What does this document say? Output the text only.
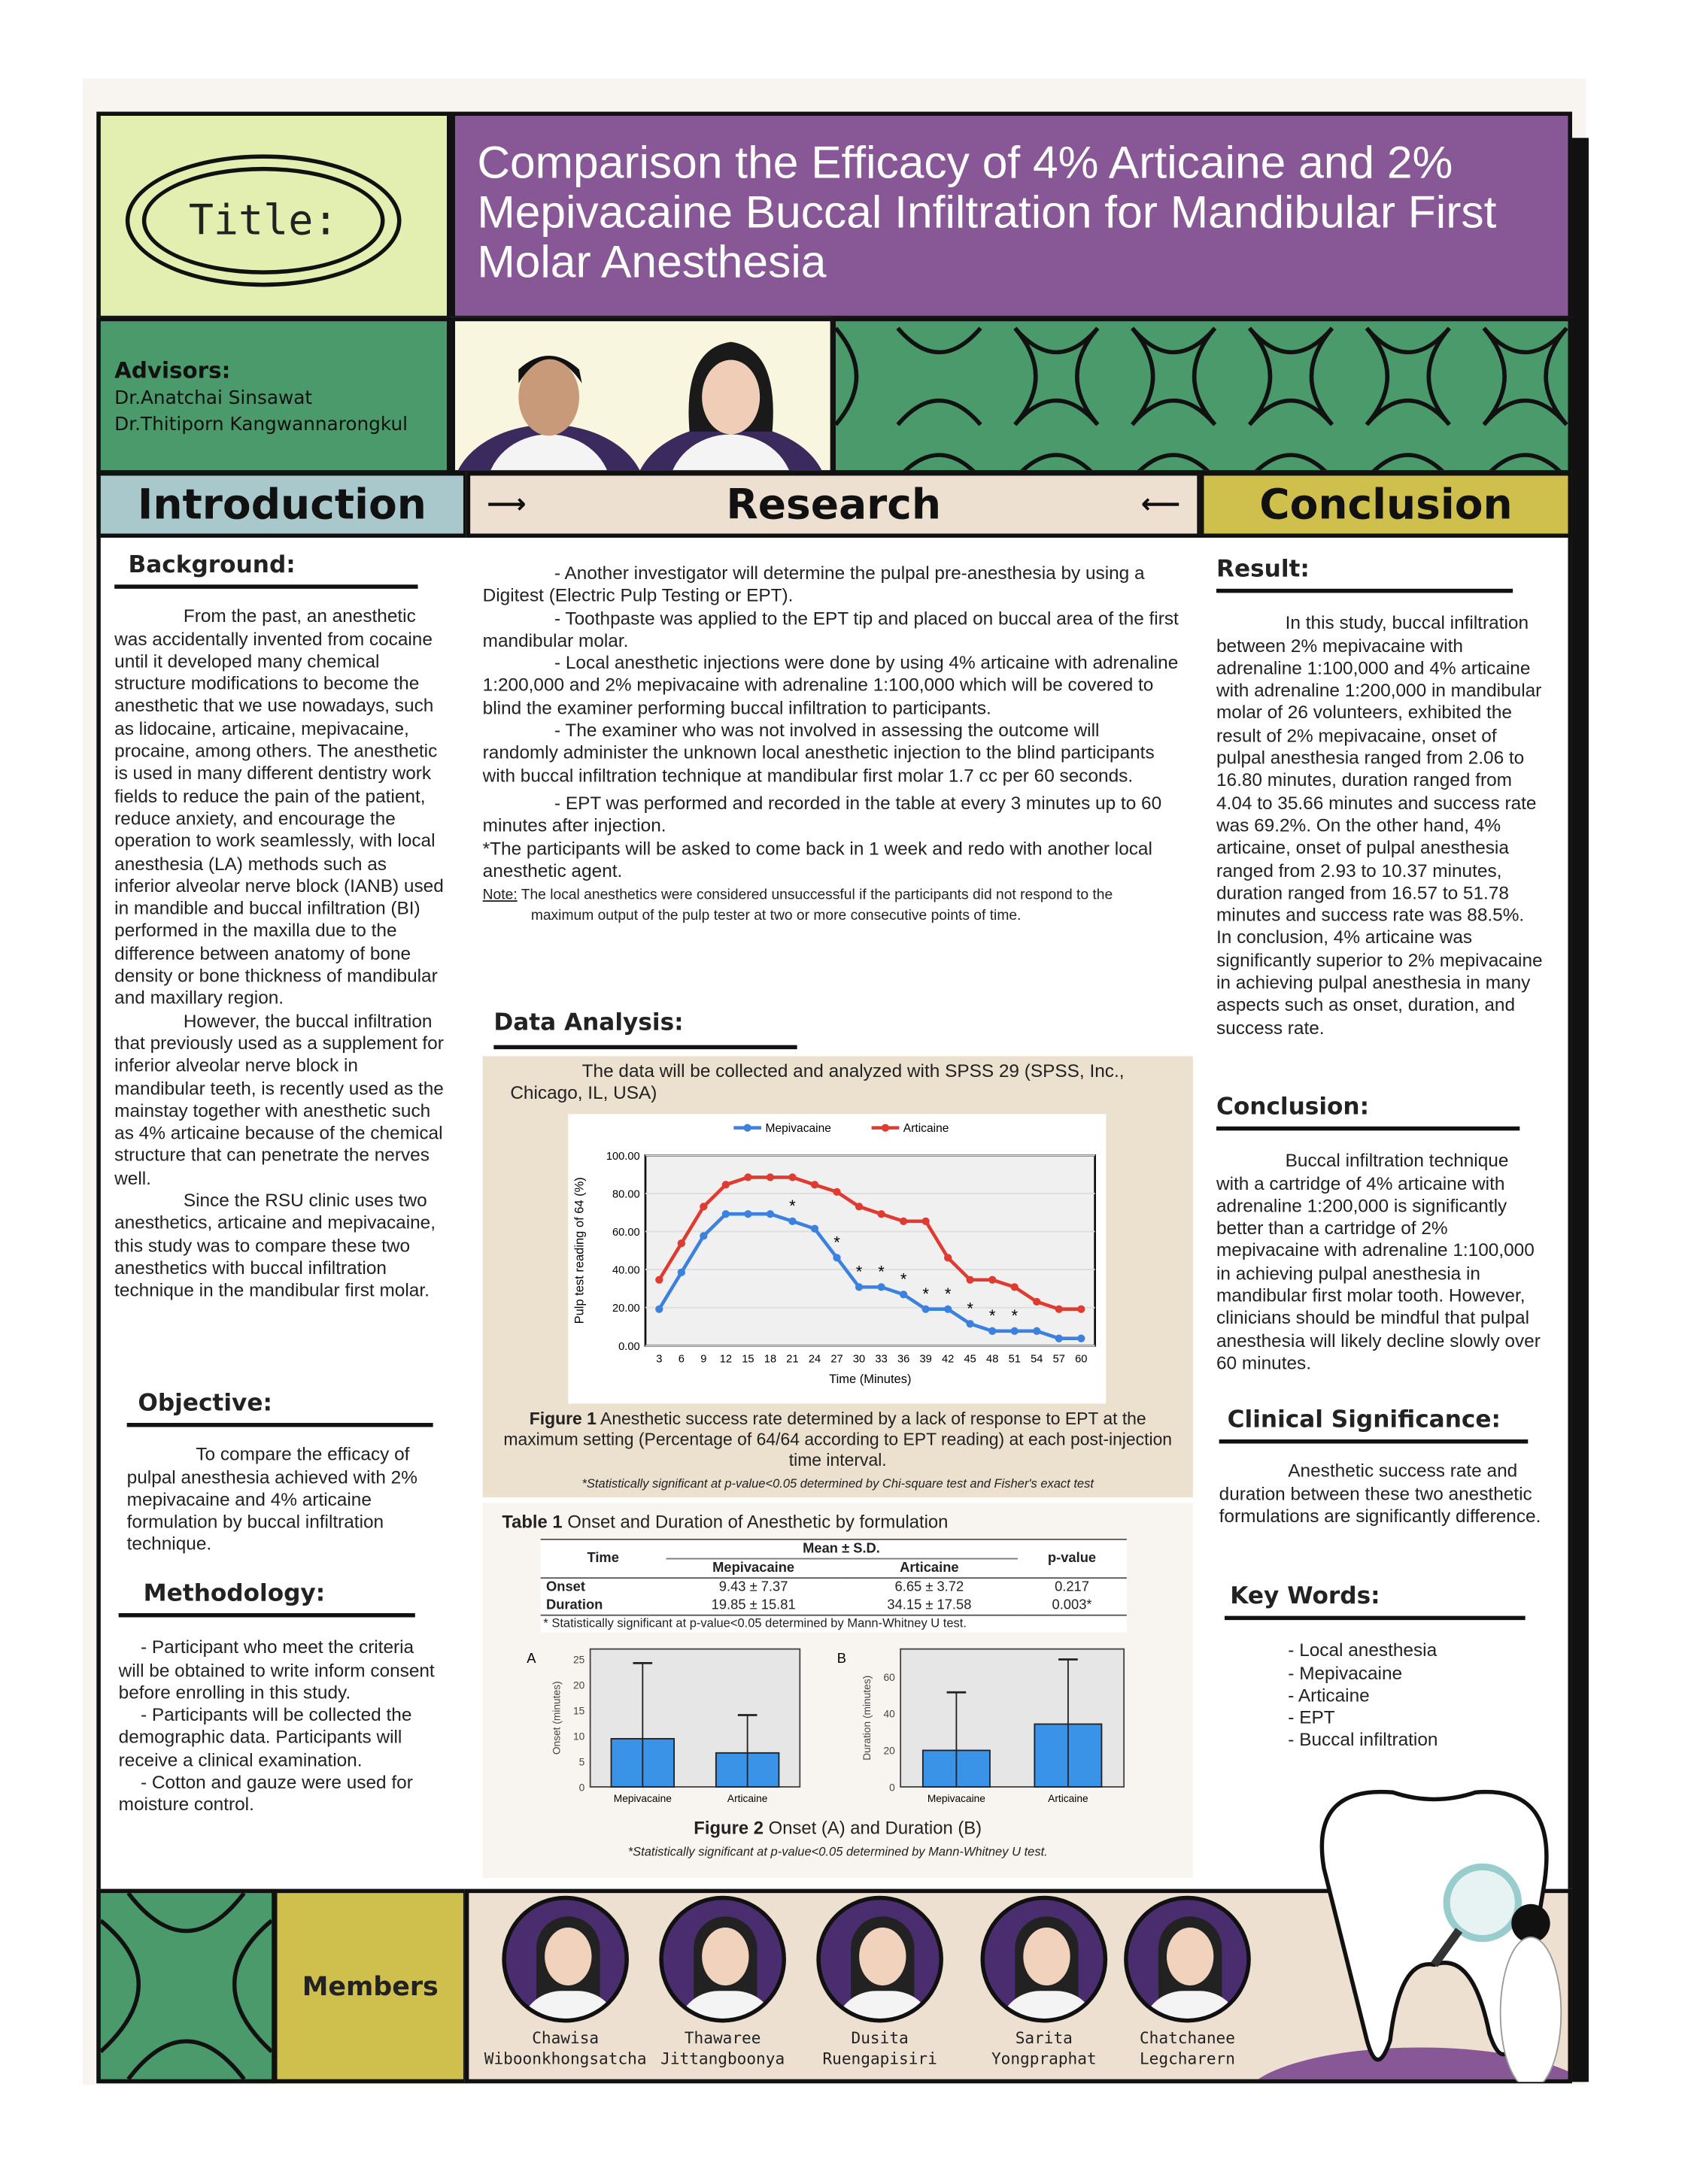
Title:
Comparison the Efficacy of 4% Articaine and 2% Mepivacaine Buccal Infiltration for Mandibular First Molar Anesthesia
Advisors:
Dr.Anatchai Sinsawat
Dr.Thitiporn Kangwannarongkul
Introduction	⟶	Research	⟵	Conclusion
Background:

From the past, an anesthetic was accidentally invented from cocaine until it developed many chemical structure modifications to become the anesthetic that we use nowadays, such as lidocaine, articaine, mepivacaine, procaine, among others. The anesthetic is used in many different dentistry work fields to reduce the pain of the patient, reduce anxiety, and encourage the operation to work seamlessly, with local anesthesia (LA) methods such as inferior alveolar nerve block (IANB) used in mandible and buccal infiltration (BI) performed in the maxilla due to the difference between anatomy of bone density or bone thickness of mandibular and maxillary region.

However, the buccal infiltration that previously used as a supplement for inferior alveolar nerve block in mandibular teeth, is recently used as the mainstay together with anesthetic such as 4% articaine because of the chemical structure that can penetrate the nerves well.

Since the RSU clinic uses two anesthetics, articaine and mepivacaine, this study was to compare these two anesthetics with buccal infiltration technique in the mandibular first molar.

Objective:

To compare the efficacy of pulpal anesthesia achieved with 2% mepivacaine and 4% articaine formulation by buccal infiltration technique.

Methodology:

- Participant who meet the criteria will be obtained to write inform consent before enrolling in this study.

- Participants will be collected the demographic data. Participants will receive a clinical examination.

- Cotton and gauze were used for moisture control.

- Another investigator will determine the pulpal pre-anesthesia by using a Digitest (Electric Pulp Testing or EPT).

- Toothpaste was applied to the EPT tip and placed on buccal area of the first mandibular molar.

- Local anesthetic injections were done by using 4% articaine with adrenaline 1:200,000 and 2% mepivacaine with adrenaline 1:100,000 which will be covered to blind the examiner performing buccal infiltration to participants.

- The examiner who was not involved in assessing the outcome will randomly administer the unknown local anesthetic injection to the blind participants with buccal infiltration technique at mandibular first molar 1.7 cc per 60 seconds.

- EPT was performed and recorded in the table at every 3 minutes up to 60 minutes after injection.

*The participants will be asked to come back in 1 week and redo with another local anesthetic agent.

Note: The local anesthetics were considered unsuccessful if the participants did not respond to the maximum output of the pulp tester at two or more consecutive points of time.

Data Analysis:

The data will be collected and analyzed with SPSS 29 (SPSS, Inc., Chicago, IL, USA)

0.00
20.00
40.00
60.00
80.00
100.00
3	6	9 12 15 18 21 24 27 30 33 36 39 42 45 48 51 54 57 60
Time (Minutes)
Pulp test reading of 64 (%)
Mepivacaine	Articaine
*
*
* * *
* *
* * *

Figure 1 Anesthetic success rate determined by a lack of response to EPT at the maximum setting (Percentage of 64/64 according to EPT reading) at each post-injection time interval.

*Statistically significant at p-value<0.05 determined by Chi-square test and Fisher's exact test

Table 1 Onset and Duration of Anesthetic by formulation

Time	Mean ± S.D.		p-value
	Mepivacaine	Articaine	
Onset	9.43 ± 7.37	6.65 ± 3.72	0.217
Duration	19.85 ± 15.81	34.15 ± 17.58	0.003*

* Statistically significant at p-value<0.05 determined by Mann-Whitney U test.

A
0
5
10
15
20
25
Onset (minutes)
Mepivacaine	Articaine
B
0
20
40
60
Duration (minutes)
Mepivacaine	Articaine

Figure 2 Onset (A) and Duration (B)

*Statistically significant at p-value<0.05 determined by Mann-Whitney U test.

Result:

In this study, buccal infiltration between 2% mepivacaine with adrenaline 1:100,000 and 4% articaine with adrenaline 1:200,000 in mandibular molar of 26 volunteers, exhibited the result of 2% mepivacaine, onset of pulpal anesthesia ranged from 2.06 to 16.80 minutes, duration ranged from 4.04 to 35.66 minutes and success rate was 69.2%. On the other hand, 4% articaine, onset of pulpal anesthesia ranged from 2.93 to 10.37 minutes, duration ranged from 16.57 to 51.78 minutes and success rate was 88.5%.

In conclusion, 4% articaine was significantly superior to 2% mepivacaine in achieving pulpal anesthesia in many aspects such as onset, duration, and success rate.

Conclusion:

Buccal infiltration technique with a cartridge of 4% articaine with adrenaline 1:200,000 is significantly better than a cartridge of 2% mepivacaine with adrenaline 1:100,000 in achieving pulpal anesthesia in mandibular first molar tooth. However, clinicians should be mindful that pulpal anesthesia will likely decline slowly over 60 minutes.

Clinical Significance:

Anesthetic success rate and duration between these two anesthetic formulations are significantly difference.

Key Words:

- Local anesthesia

- Mepivacaine

- Articaine

- EPT

- Buccal infiltration

Members
Chawisa
Wiboonkhongsatcha
Thawaree
Jittangboonya
Dusita
Ruengapisiri
Sarita
Yongpraphat
Chatchanee
Legcharern
